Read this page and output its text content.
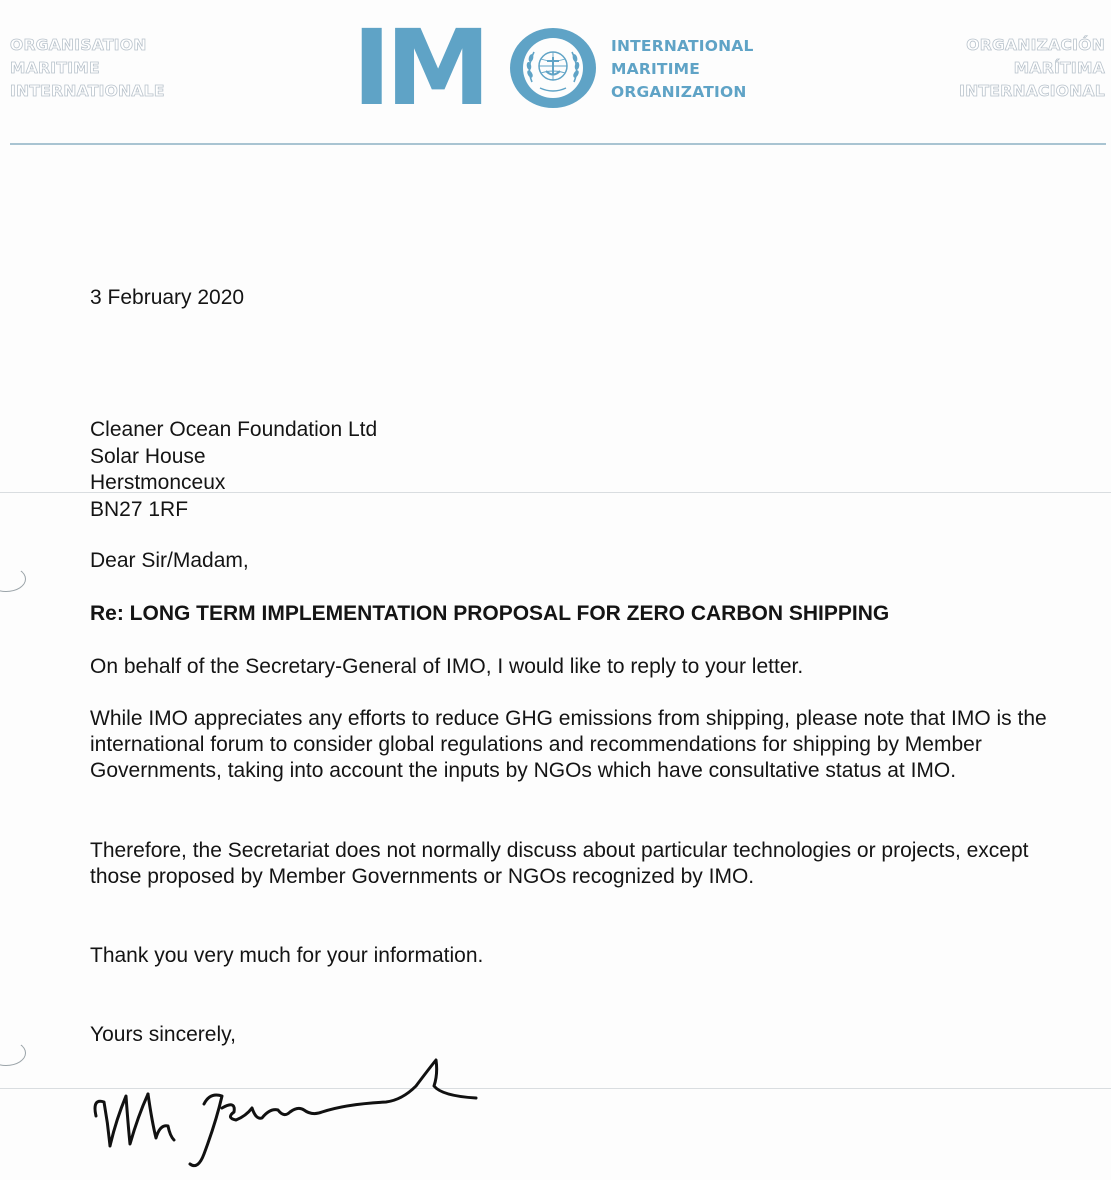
ORGANISATION
MARITIME
INTERNATIONALE IM	INTERNATIONAL
MARITIME
ORGANIZATION
ORGANIZACIÓN
MARÍTIMA
INTERNACIONAL
3 February 2020
Cleaner Ocean Foundation Ltd
Solar House
Herstmonceux
BN27 1RF
Dear Sir/Madam,
Re: LONG TERM IMPLEMENTATION PROPOSAL FOR ZERO CARBON SHIPPING
On behalf of the Secretary-General of IMO, I would like to reply to your letter.
While IMO appreciates any efforts to reduce GHG emissions from shipping, please note that IMO is the international forum to consider global regulations and recommendations for shipping by Member Governments, taking into account the inputs by NGOs which have consultative status at IMO.
Therefore, the Secretariat does not normally discuss about particular technologies or projects, except those proposed by Member Governments or NGOs recognized by IMO.
Thank you very much for your information.
Yours sincerely,
